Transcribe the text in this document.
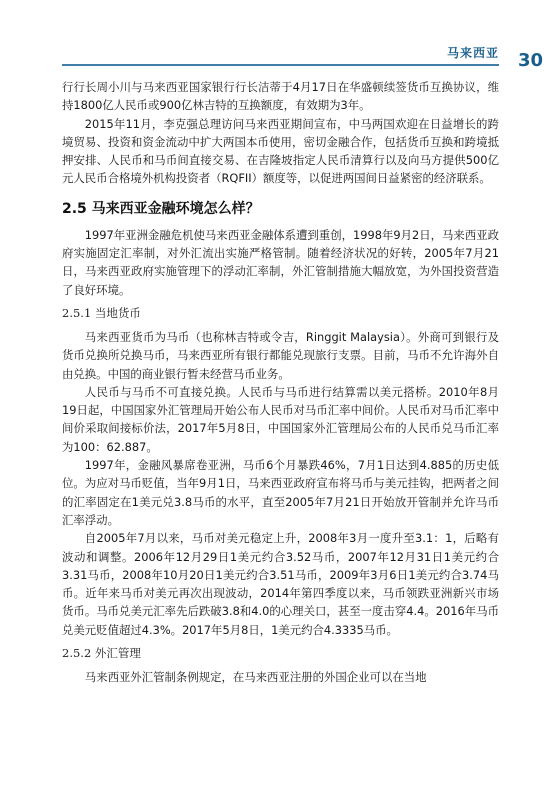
马来西亚 30

行行长周小川与马来西亚国家银行行长洁蒂于4月17日在华盛顿续签货币互换协议，维持1800亿人民币或900亿林吉特的互换额度，有效期为3年。

2015年11月，李克强总理访问马来西亚期间宣布，中马两国欢迎在日益增长的跨境贸易、投资和资金流动中扩大两国本币使用，密切金融合作，包括货币互换和跨境抵押安排、人民币和马币间直接交易、在吉隆坡指定人民币清算行以及向马方提供500亿元人民币合格境外机构投资者（RQFII）额度等，以促进两国间日益紧密的经济联系。

2.5 马来西亚金融环境怎么样？

1997年亚洲金融危机使马来西亚金融体系遭到重创，1998年9月2日，马来西亚政府实施固定汇率制，对外汇流出实施严格管制。随着经济状况的好转，2005年7月21日，马来西亚政府实施管理下的浮动汇率制，外汇管制措施大幅放宽，为外国投资营造了良好环境。

2.5.1 当地货币

马来西亚货币为马币（也称林吉特或令吉，Ringgit Malaysia）。外商可到银行及货币兑换所兑换马币，马来西亚所有银行都能兑现旅行支票。目前，马币不允许海外自由兑换。中国的商业银行暂未经营马币业务。

人民币与马币不可直接兑换。人民币与马币进行结算需以美元搭桥。2010年8月19日起，中国国家外汇管理局开始公布人民币对马币汇率中间价。人民币对马币汇率中间价采取间接标价法，2017年5月8日，中国国家外汇管理局公布的人民币兑马币汇率为100：62.887。

1997年，金融风暴席卷亚洲，马币6个月暴跌46%，7月1日达到4.885的历史低位。为应对马币贬值，当年9月1日，马来西亚政府宣布将马币与美元挂钩，把两者之间的汇率固定在1美元兑3.8马币的水平，直至2005年7月21日开始放开管制并允许马币汇率浮动。

自2005年7月以来，马币对美元稳定上升，2008年3月一度升至3.1：1，后略有波动和调整。2006年12月29日1美元约合3.52马币，2007年12月31日1美元约合3.31马币，2008年10月20日1美元约合3.51马币，2009年3月6日1美元约合3.74马币。近年来马币对美元再次出现波动，2014年第四季度以来，马币领跌亚洲新兴市场货币。马币兑美元汇率先后跌破3.8和4.0的心理关口，甚至一度击穿4.4。2016年马币兑美元贬值超过4.3%。2017年5月8日，1美元约合4.3335马币。

2.5.2 外汇管理

马来西亚外汇管制条例规定，在马来西亚注册的外国企业可以在当地
